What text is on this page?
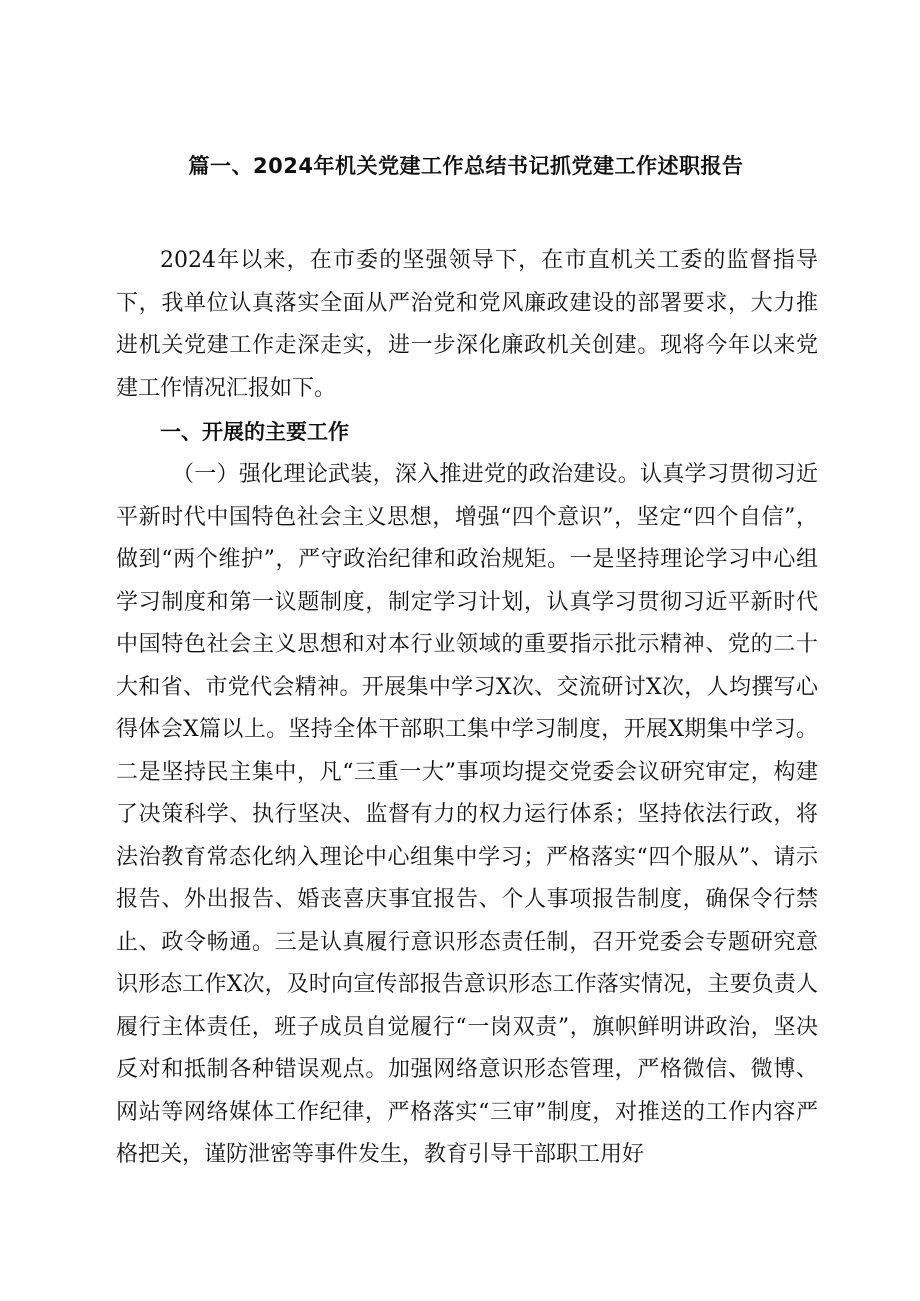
篇一、2024年机关党建工作总结书记抓党建工作述职报告

2024年以来，在市委的坚强领导下，在市直机关工委的监督指导下，我单位认真落实全面从严治党和党风廉政建设的部署要求，大力推进机关党建工作走深走实，进一步深化廉政机关创建。现将今年以来党建工作情况汇报如下。

一、开展的主要工作

（一）强化理论武装，深入推进党的政治建设。认真学习贯彻习近平新时代中国特色社会主义思想，增强“四个意识”，坚定“四个自信”，做到“两个维护”，严守政治纪律和政治规矩。一是坚持理论学习中心组学习制度和第一议题制度，制定学习计划，认真学习贯彻习近平新时代中国特色社会主义思想和对本行业领域的重要指示批示精神、党的二十大和省、市党代会精神。开展集中学习X次、交流研讨X次，人均撰写心得体会X篇以上。坚持全体干部职工集中学习制度，开展X期集中学习。二是坚持民主集中，凡“三重一大”事项均提交党委会议研究审定，构建了决策科学、执行坚决、监督有力的权力运行体系；坚持依法行政，将法治教育常态化纳入理论中心组集中学习；严格落实“四个服从”、请示报告、外出报告、婚丧喜庆事宜报告、个人事项报告制度，确保令行禁止、政令畅通。三是认真履行意识形态责任制，召开党委会专题研究意识形态工作X次，及时向宣传部报告意识形态工作落实情况，主要负责人履行主体责任，班子成员自觉履行“一岗双责”，旗帜鲜明讲政治，坚决反对和抵制各种错误观点。加强网络意识形态管理，严格微信、微博、网站等网络媒体工作纪律，严格落实“三审”制度，对推送的工作内容严格把关，谨防泄密等事件发生，教育引导干部职工用好
